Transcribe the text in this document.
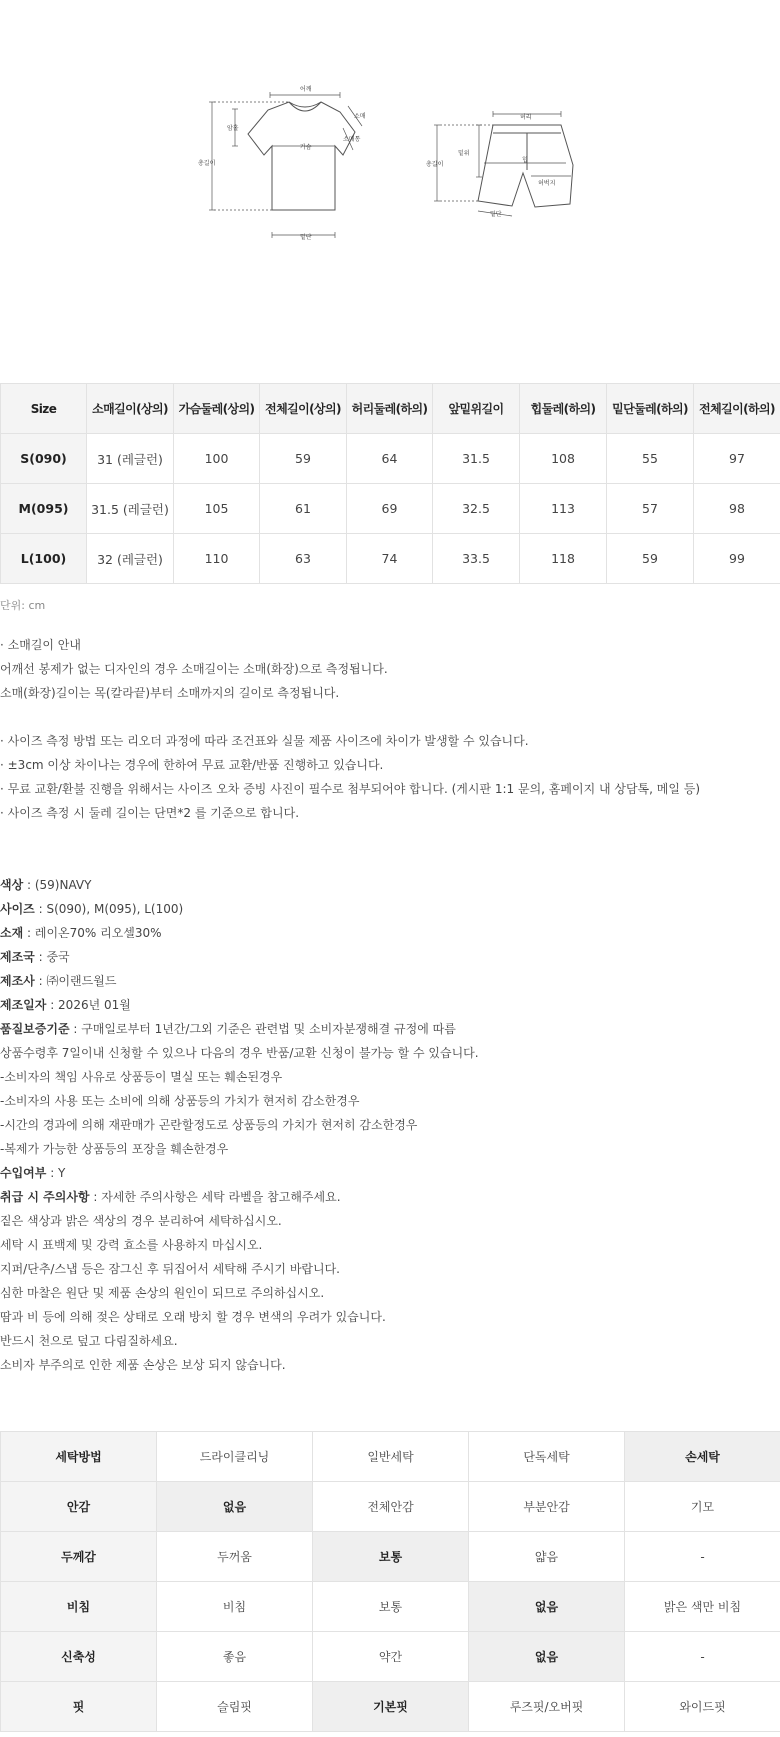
어깨
암홀
소매
소매통
가슴
총길이
밑단
허리
밑위
총길이
힙
허벅지
밑단
Size	소매길이(상의)	가슴둘레(상의)	전체길이(상의)	허리둘레(하의)	앞밑위길이	힙둘레(하의)	밑단둘레(하의)	전체길이(하의)
S(090)	31 (레글런)	100	59	64	31.5	108	55	97
M(095)	31.5 (레글런)	105	61	69	32.5	113	57	98
L(100)	32 (레글런)	110	63	74	33.5	118	59	99
단위: cm
· 소매길이 안내
어깨선 봉제가 없는 디자인의 경우 소매길이는 소매(화장)으로 측정됩니다.
소매(화장)길이는 목(칼라끝)부터 소매까지의 길이로 측정됩니다.
· 사이즈 측정 방법 또는 리오더 과정에 따라 조건표와 실물 제품 사이즈에 차이가 발생할 수 있습니다.
· ±3cm 이상 차이나는 경우에 한하여 무료 교환/반품 진행하고 있습니다.
· 무료 교환/환불 진행을 위해서는 사이즈 오차 증빙 사진이 필수로 첨부되어야 합니다. (게시판 1:1 문의, 홈페이지 내 상담톡, 메일 등)
· 사이즈 측정 시 둘레 길이는 단면*2 를 기준으로 합니다.
색상 : (59)NAVY
사이즈 : S(090), M(095), L(100)
소재 : 레이온70% 리오셀30%
제조국 : 중국
제조사 : ㈜이랜드월드
제조일자 : 2026년 01월
품질보증기준 : 구매일로부터 1년간/그외 기준은 관련법 및 소비자분쟁해결 규정에 따름
상품수령후 7일이내 신청할 수 있으나 다음의 경우 반품/교환 신청이 불가능 할 수 있습니다.
-소비자의 책임 사유로 상품등이 멸실 또는 훼손된경우
-소비자의 사용 또는 소비에 의해 상품등의 가치가 현저히 감소한경우
-시간의 경과에 의해 재판매가 곤란할정도로 상품등의 가치가 현저히 감소한경우
-복제가 가능한 상품등의 포장을 훼손한경우
수입여부 : Y
취급 시 주의사항 : 자세한 주의사항은 세탁 라벨을 참고해주세요.
짙은 색상과 밝은 색상의 경우 분리하여 세탁하십시오.
세탁 시 표백제 및 강력 효소를 사용하지 마십시오.
지퍼/단추/스냅 등은 잠그신 후 뒤집어서 세탁해 주시기 바랍니다.
심한 마찰은 원단 및 제품 손상의 원인이 되므로 주의하십시오.
땀과 비 등에 의해 젖은 상태로 오래 방치 할 경우 변색의 우려가 있습니다.
반드시 천으로 덮고 다림질하세요.
소비자 부주의로 인한 제품 손상은 보상 되지 않습니다.
세탁방법	드라이클리닝	일반세탁	단독세탁	손세탁
안감	없음	전체안감	부분안감	기모
두께감	두꺼움	보통	얇음	-
비침	비침	보통	없음	밝은 색만 비침
신축성	좋음	약간	없음	-
핏	슬림핏	기본핏	루즈핏/오버핏	와이드핏
